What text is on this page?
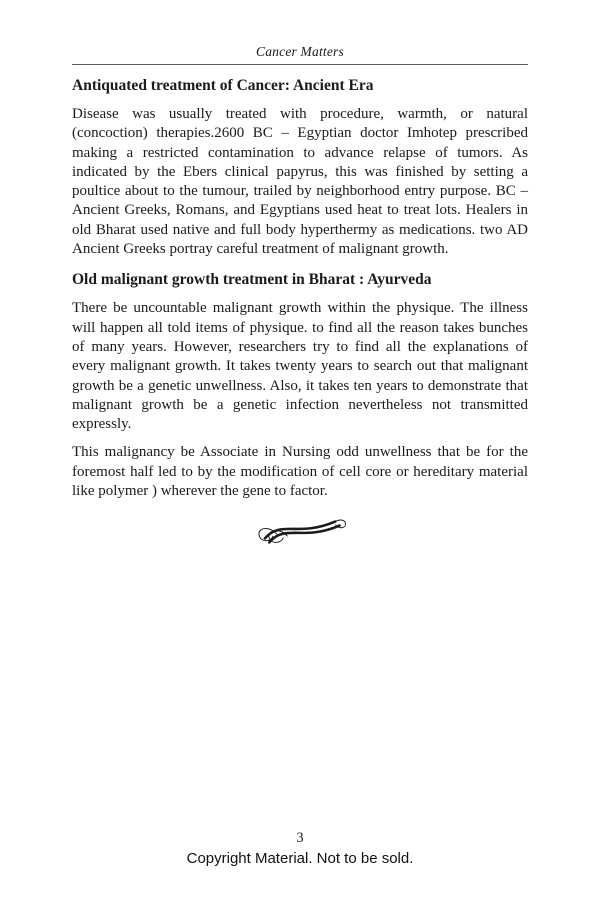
Cancer Matters
Antiquated treatment of Cancer: Ancient Era

Disease was usually treated with procedure, warmth, or natural (concoction) therapies.2600 BC – Egyptian doctor Imhotep prescribed making a restricted contamination to advance relapse of tumors. As indicated by the Ebers clinical papyrus, this was finished by setting a poultice about to the tumour, trailed by neighborhood entry purpose. BC – Ancient Greeks, Romans, and Egyptians used heat to treat lots. Healers in old Bharat used native and full body hyperthermy as medications. two AD Ancient Greeks portray careful treatment of malignant growth.

Old malignant growth treatment in Bharat : Ayurveda

There be uncountable malignant growth within the physique. The illness will happen all told items of physique. to find all the reason takes bunches of many years. However, researchers try to find all the explanations of every malignant growth. It takes twenty years to search out that malignant growth be a genetic unwellness. Also, it takes ten years to demonstrate that malignant growth be a genetic infection nevertheless not transmitted expressly.

This malignancy be Associate in Nursing odd unwellness that be for the foremost half led to by the modification of cell core or hereditary material like polymer ) wherever the gene to factor.

3
Copyright Material. Not to be sold.
